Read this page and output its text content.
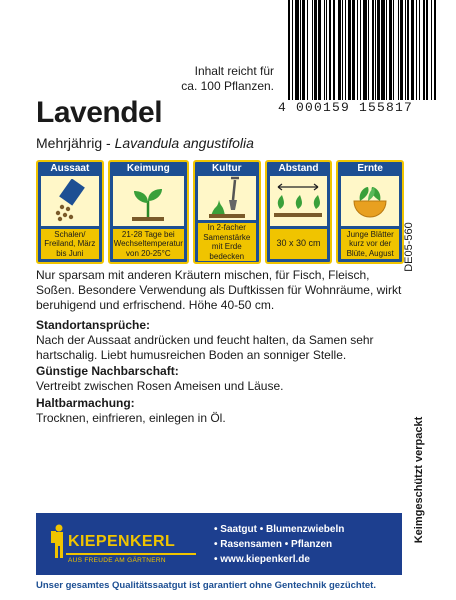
4 000159 155817
Inhalt reicht für
ca. 100 Pflanzen.
Lavendel
Mehrjährig - Lavandula angustifolia
Aussaat
Schalen/ Freiland, März bis Juni
Keimung
21-28 Tage bei Wechseltemperatur von 20-25°C
Kultur
In 2-facher Samenstärke mit Erde bedecken
Abstand
30 x 30 cm
Ernte
Junge Blätter kurz vor der Blüte, August DE05-560
Nur sparsam mit anderen Kräutern mischen, für Fisch, Fleisch, Soßen. Besondere Verwendung als Duftkissen für Wohnräume, wirkt beruhigend und erfrischend. Höhe 40-50 cm.
Standortansprüche:
Nach der Aussaat andrücken und feucht halten, da Samen sehr hartschalig. Liebt humusreichen Boden an sonniger Stelle.
Günstige Nachbarschaft:
Vertreibt zwischen Rosen Ameisen und Läuse.
Haltbarmachung:
Trocknen, einfrieren, einlegen in Öl.	Keimgeschützt verpackt
KIEPENKERL
AUS FREUDE AM GÄRTNERN
• Saatgut • Blumenzwiebeln
• Rasensamen • Pflanzen
• www.kiepenkerl.de
Unser gesamtes Qualitätssaatgut ist garantiert ohne Gentechnik gezüchtet.
